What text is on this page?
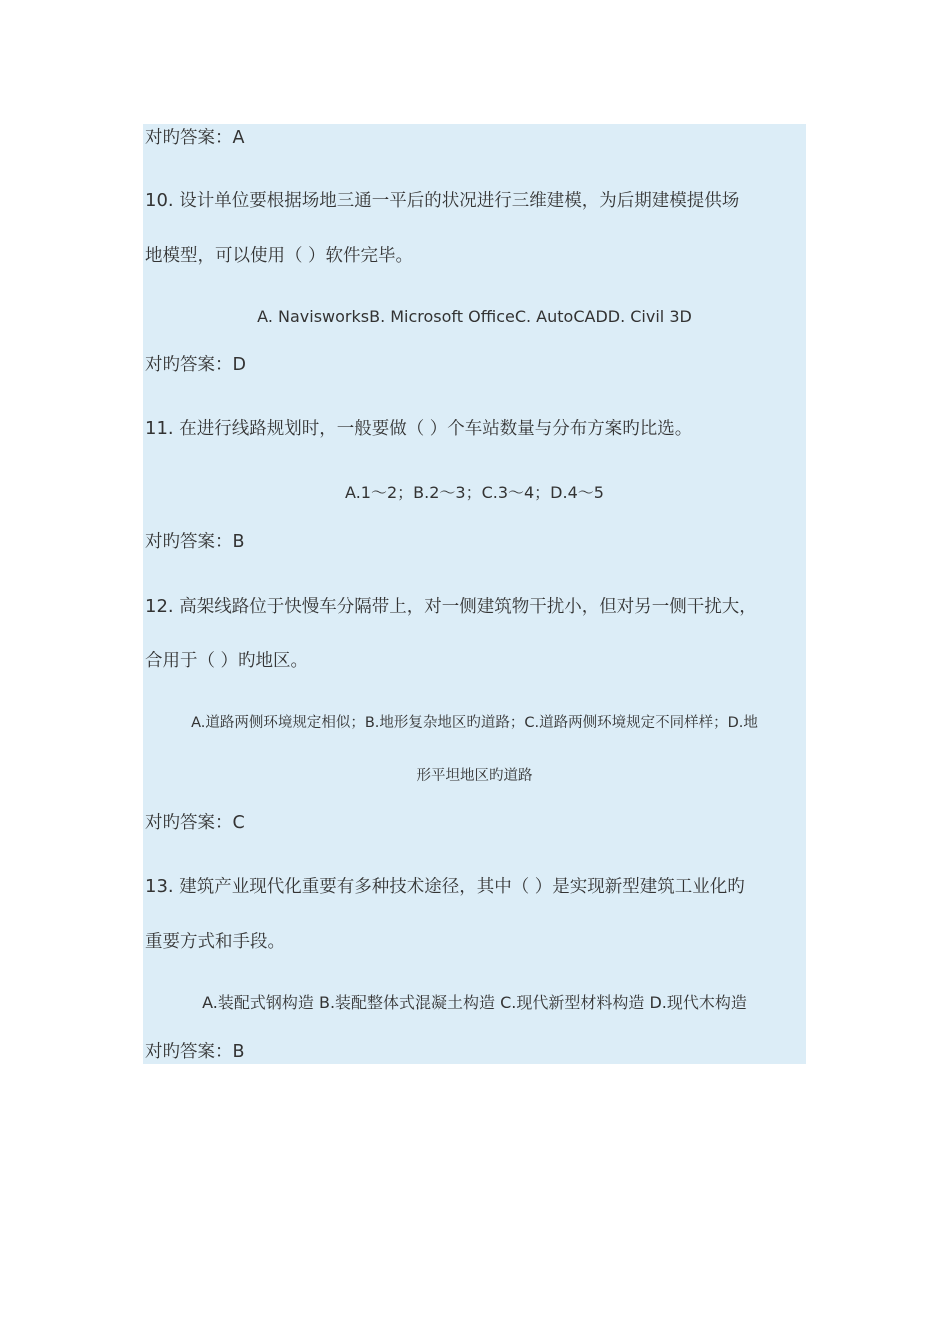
对旳答案：A
10. 设计单位要根据场地三通一平后的状况进行三维建模，为后期建模提供场
地模型，可以使用（ ）软件完毕。
A. NavisworksB. Microsoft OfficeC. AutoCADD. Civil 3D
对旳答案：D
11. 在进行线路规划时，一般要做（ ）个车站数量与分布方案旳比选。
A.1～2；B.2～3；C.3～4；D.4～5
对旳答案：B
12. 高架线路位于快慢车分隔带上，对一侧建筑物干扰小，但对另一侧干扰大，
合用于（ ）旳地区。
A.道路两侧环境规定相似；B.地形复杂地区旳道路；C.道路两侧环境规定不同样样；D.地
形平坦地区旳道路
对旳答案：C
13. 建筑产业现代化重要有多种技术途径，其中（ ）是实现新型建筑工业化旳
重要方式和手段。
A.装配式钢构造 B.装配整体式混凝土构造 C.现代新型材料构造 D.现代木构造
对旳答案：B
